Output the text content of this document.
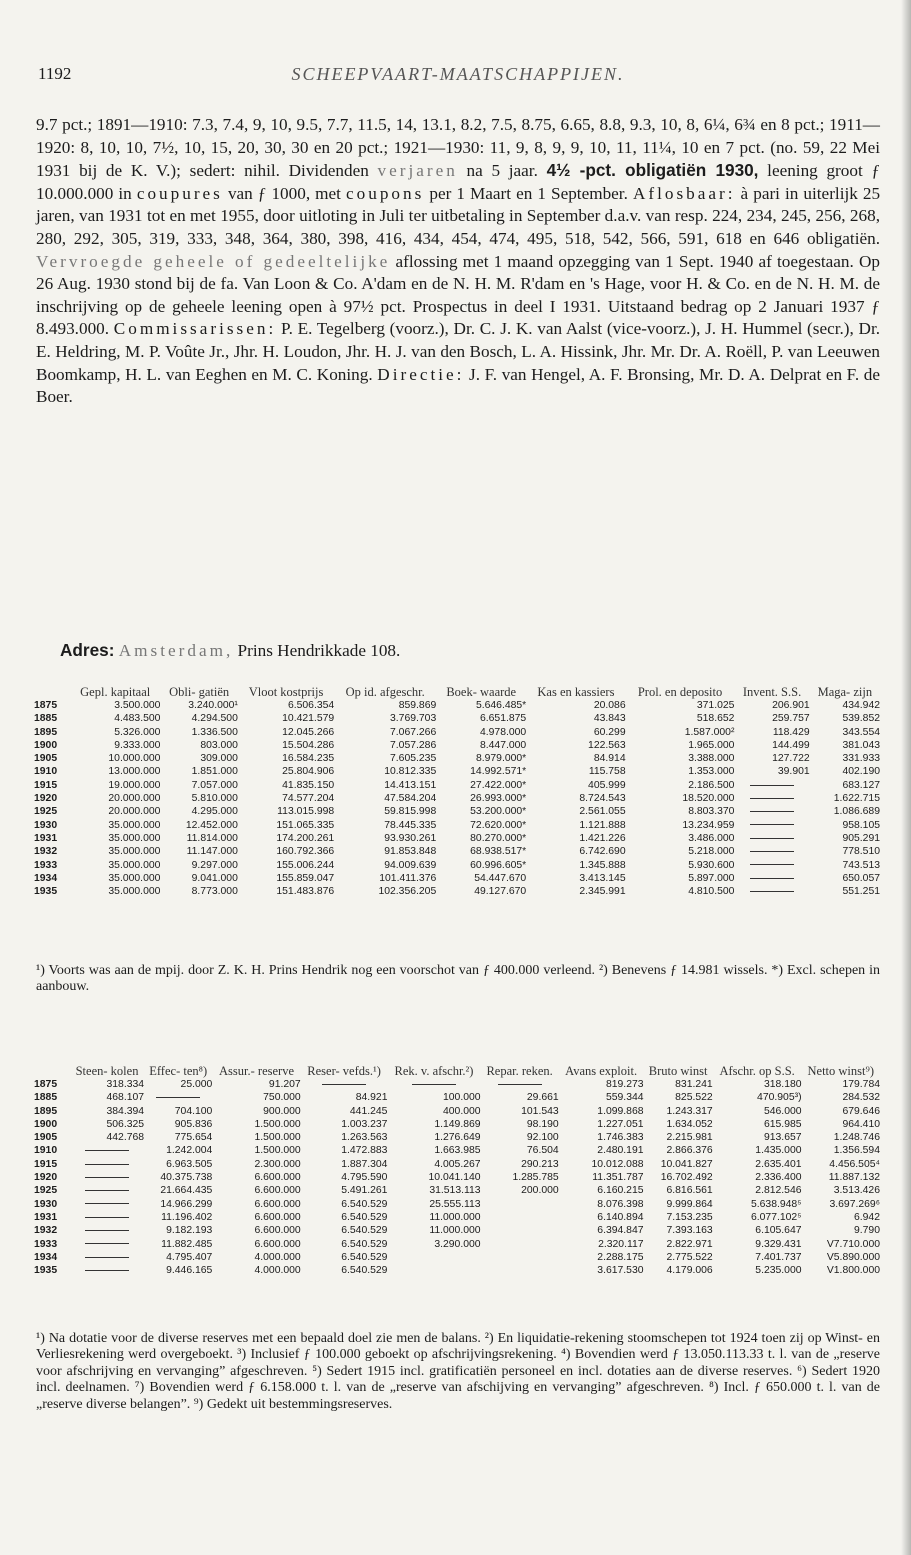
1192	SCHEEPVAART-MAATSCHAPPIJEN.

9.7 pct.; 1891—1910: 7.3, 7.4, 9, 10, 9.5, 7.7, 11.5, 14, 13.1, 8.2, 7.5, 8.75, 6.65, 8.8, 9.3, 10, 8, 6¼, 6¾ en 8 pct.; 1911—1920: 8, 10, 10, 7½, 10, 15, 20, 30, 30 en 20 pct.; 1921—1930: 11, 9, 8, 9, 9, 10, 11, 11¼, 10 en 7 pct. (no. 59, 22 Mei 1931 bij de K. V.); sedert: nihil. Dividenden verjaren na 5 jaar. 4½ -pct. obligatiën 1930, leening groot ƒ 10.000.000 in coupures van ƒ 1000, met coupons per 1 Maart en 1 September. Aflosbaar: à pari in uiterlijk 25 jaren, van 1931 tot en met 1955, door uitloting in Juli ter uitbetaling in September d.a.v. van resp. 224, 234, 245, 256, 268, 280, 292, 305, 319, 333, 348, 364, 380, 398, 416, 434, 454, 474, 495, 518, 542, 566, 591, 618 en 646 obligatiën. Vervroegde geheele of gedeeltelijke aflossing met 1 maand opzegging van 1 Sept. 1940 af toegestaan. Op 26 Aug. 1930 stond bij de fa. Van Loon & Co. A'dam en de N. H. M. R'dam en 's Hage, voor H. & Co. en de N. H. M. de inschrijving op de geheele leening open à 97½ pct. Prospectus in deel I 1931. Uitstaand bedrag op 2 Januari 1937 ƒ 8.493.000. Commissarissen: P. E. Tegelberg (voorz.), Dr. C. J. K. van Aalst (vice-voorz.), J. H. Hummel (secr.), Dr. E. Heldring, M. P. Voûte Jr., Jhr. H. Loudon, Jhr. H. J. van den Bosch, L. A. Hissink, Jhr. Mr. Dr. A. Roëll, P. van Leeuwen Boomkamp, H. L. van Eeghen en M. C. Koning. Directie: J. F. van Hengel, A. F. Bronsing, Mr. D. A. Delprat en F. de Boer.

Adres: Amsterdam, Prins Hendrikkade 108.
	Gepl. kapitaal	Obli- gatiën	Vloot kostprijs	Op id. afgeschr.	Boek- waarde	Kas en kassiers	Prol. en deposito	Invent. S.S.	Maga- zijn
1875	3.500.000	3.240.000¹	6.506.354	859.869	5.646.485*	20.086	371.025	206.901	434.942
1885	4.483.500	4.294.500	10.421.579	3.769.703	6.651.875	43.843	518.652	259.757	539.852
1895	5.326.000	1.336.500	12.045.266	7.067.266	4.978.000	60.299	1.587.000²	118.429	343.554
1900	9.333.000	803.000	15.504.286	7.057.286	8.447.000	122.563	1.965.000	144.499	381.043
1905	10.000.000	309.000	16.584.235	7.605.235	8.979.000*	84.914	3.388.000	127.722	331.933
1910	13.000.000	1.851.000	25.804.906	10.812.335	14.992.571*	115.758	1.353.000	39.901	402.190
1915	19.000.000	7.057.000	41.835.150	14.413.151	27.422.000*	405.999	2.186.500		683.127
1920	20.000.000	5.810.000	74.577.204	47.584.204	26.993.000*	8.724.543	18.520.000		1.622.715
1925	20.000.000	4.295.000	113.015.998	59.815.998	53.200.000*	2.561.055	8.803.370		1.086.689
1930	35.000.000	12.452.000	151.065.335	78.445.335	72.620.000*	1.121.888	13.234.959		958.105
1931	35.000.000	11.814.000	174.200.261	93.930.261	80.270.000*	1.421.226	3.486.000		905.291
1932	35.000.000	11.147.000	160.792.366	91.853.848	68.938.517*	6.742.690	5.218.000		778.510
1933	35.000.000	9.297.000	155.006.244	94.009.639	60.996.605*	1.345.888	5.930.600		743.513
1934	35.000.000	9.041.000	155.859.047	101.411.376	54.447.670	3.413.145	5.897.000		650.057
1935	35.000.000	8.773.000	151.483.876	102.356.205	49.127.670	2.345.991	4.810.500		551.251

¹) Voorts was aan de mpij. door Z. K. H. Prins Hendrik nog een voorschot van ƒ 400.000 verleend. ²) Benevens ƒ 14.981 wissels. *) Excl. schepen in aanbouw.

	Steen- kolen	Effec- ten⁸)	Assur.- reserve	Reser- vefds.¹)	Rek. v. afschr.²)	Repar. reken.	Avans exploit.	Bruto winst	Afschr. op S.S.	Netto winst⁹)
1875	318.334	25.000	91.207				819.273	831.241	318.180	179.784
1885	468.107		750.000	84.921	100.000	29.661	559.344	825.522	470.905³)	284.532
1895	384.394	704.100	900.000	441.245	400.000	101.543	1.099.868	1.243.317	546.000	679.646
1900	506.325	905.836	1.500.000	1.003.237	1.149.869	98.190	1.227.051	1.634.052	615.985	964.410
1905	442.768	775.654	1.500.000	1.263.563	1.276.649	92.100	1.746.383	2.215.981	913.657	1.248.746
1910		1.242.004	1.500.000	1.472.883	1.663.985	76.504	2.480.191	2.866.376	1.435.000	1.356.594
1915		6.963.505	2.300.000	1.887.304	4.005.267	290.213	10.012.088	10.041.827	2.635.401	4.456.505⁴
1920		40.375.738	6.600.000	4.795.590	10.041.140	1.285.785	11.351.787	16.702.492	2.336.400	11.887.132
1925		21.664.435	6.600.000	5.491.261	31.513.113	200.000	6.160.215	6.816.561	2.812.546	3.513.426
1930		14.966.299	6.600.000	6.540.529	25.555.113		8.076.398	9.999.864	5.638.948⁵	3.697.269⁶
1931		11.196.402	6.600.000	6.540.529	11.000.000		6.140.894	7.153.235	6.077.102⁵	6.942
1932		9.182.193	6.600.000	6.540.529	11.000.000		6.394.847	7.393.163	6.105.647	9.790
1933		11.882.485	6.600.000	6.540.529	3.290.000		2.320.117	2.822.971	9.329.431	V7.710.000
1934		4.795.407	4.000.000	6.540.529			2.288.175	2.775.522	7.401.737	V5.890.000
1935		9.446.165	4.000.000	6.540.529			3.617.530	4.179.006	5.235.000	V1.800.000

¹) Na dotatie voor de diverse reserves met een bepaald doel zie men de balans. ²) En liquidatie-rekening stoomschepen tot 1924 toen zij op Winst- en Verliesrekening werd overgeboekt. ³) Inclusief ƒ 100.000 geboekt op afschrijvingsrekening. ⁴) Bovendien werd ƒ 13.050.113.33 t. l. van de „reserve voor afschrijving en vervanging” afgeschreven. ⁵) Sedert 1915 incl. gratificatiën personeel en incl. dotaties aan de diverse reserves. ⁶) Sedert 1920 incl. deelnamen. ⁷) Bovendien werd ƒ 6.158.000 t. l. van de „reserve van afschijving en vervanging” afgeschreven. ⁸) Incl. ƒ 650.000 t. l. van de „reserve diverse belangen”. ⁹) Gedekt uit bestemmingsreserves.
